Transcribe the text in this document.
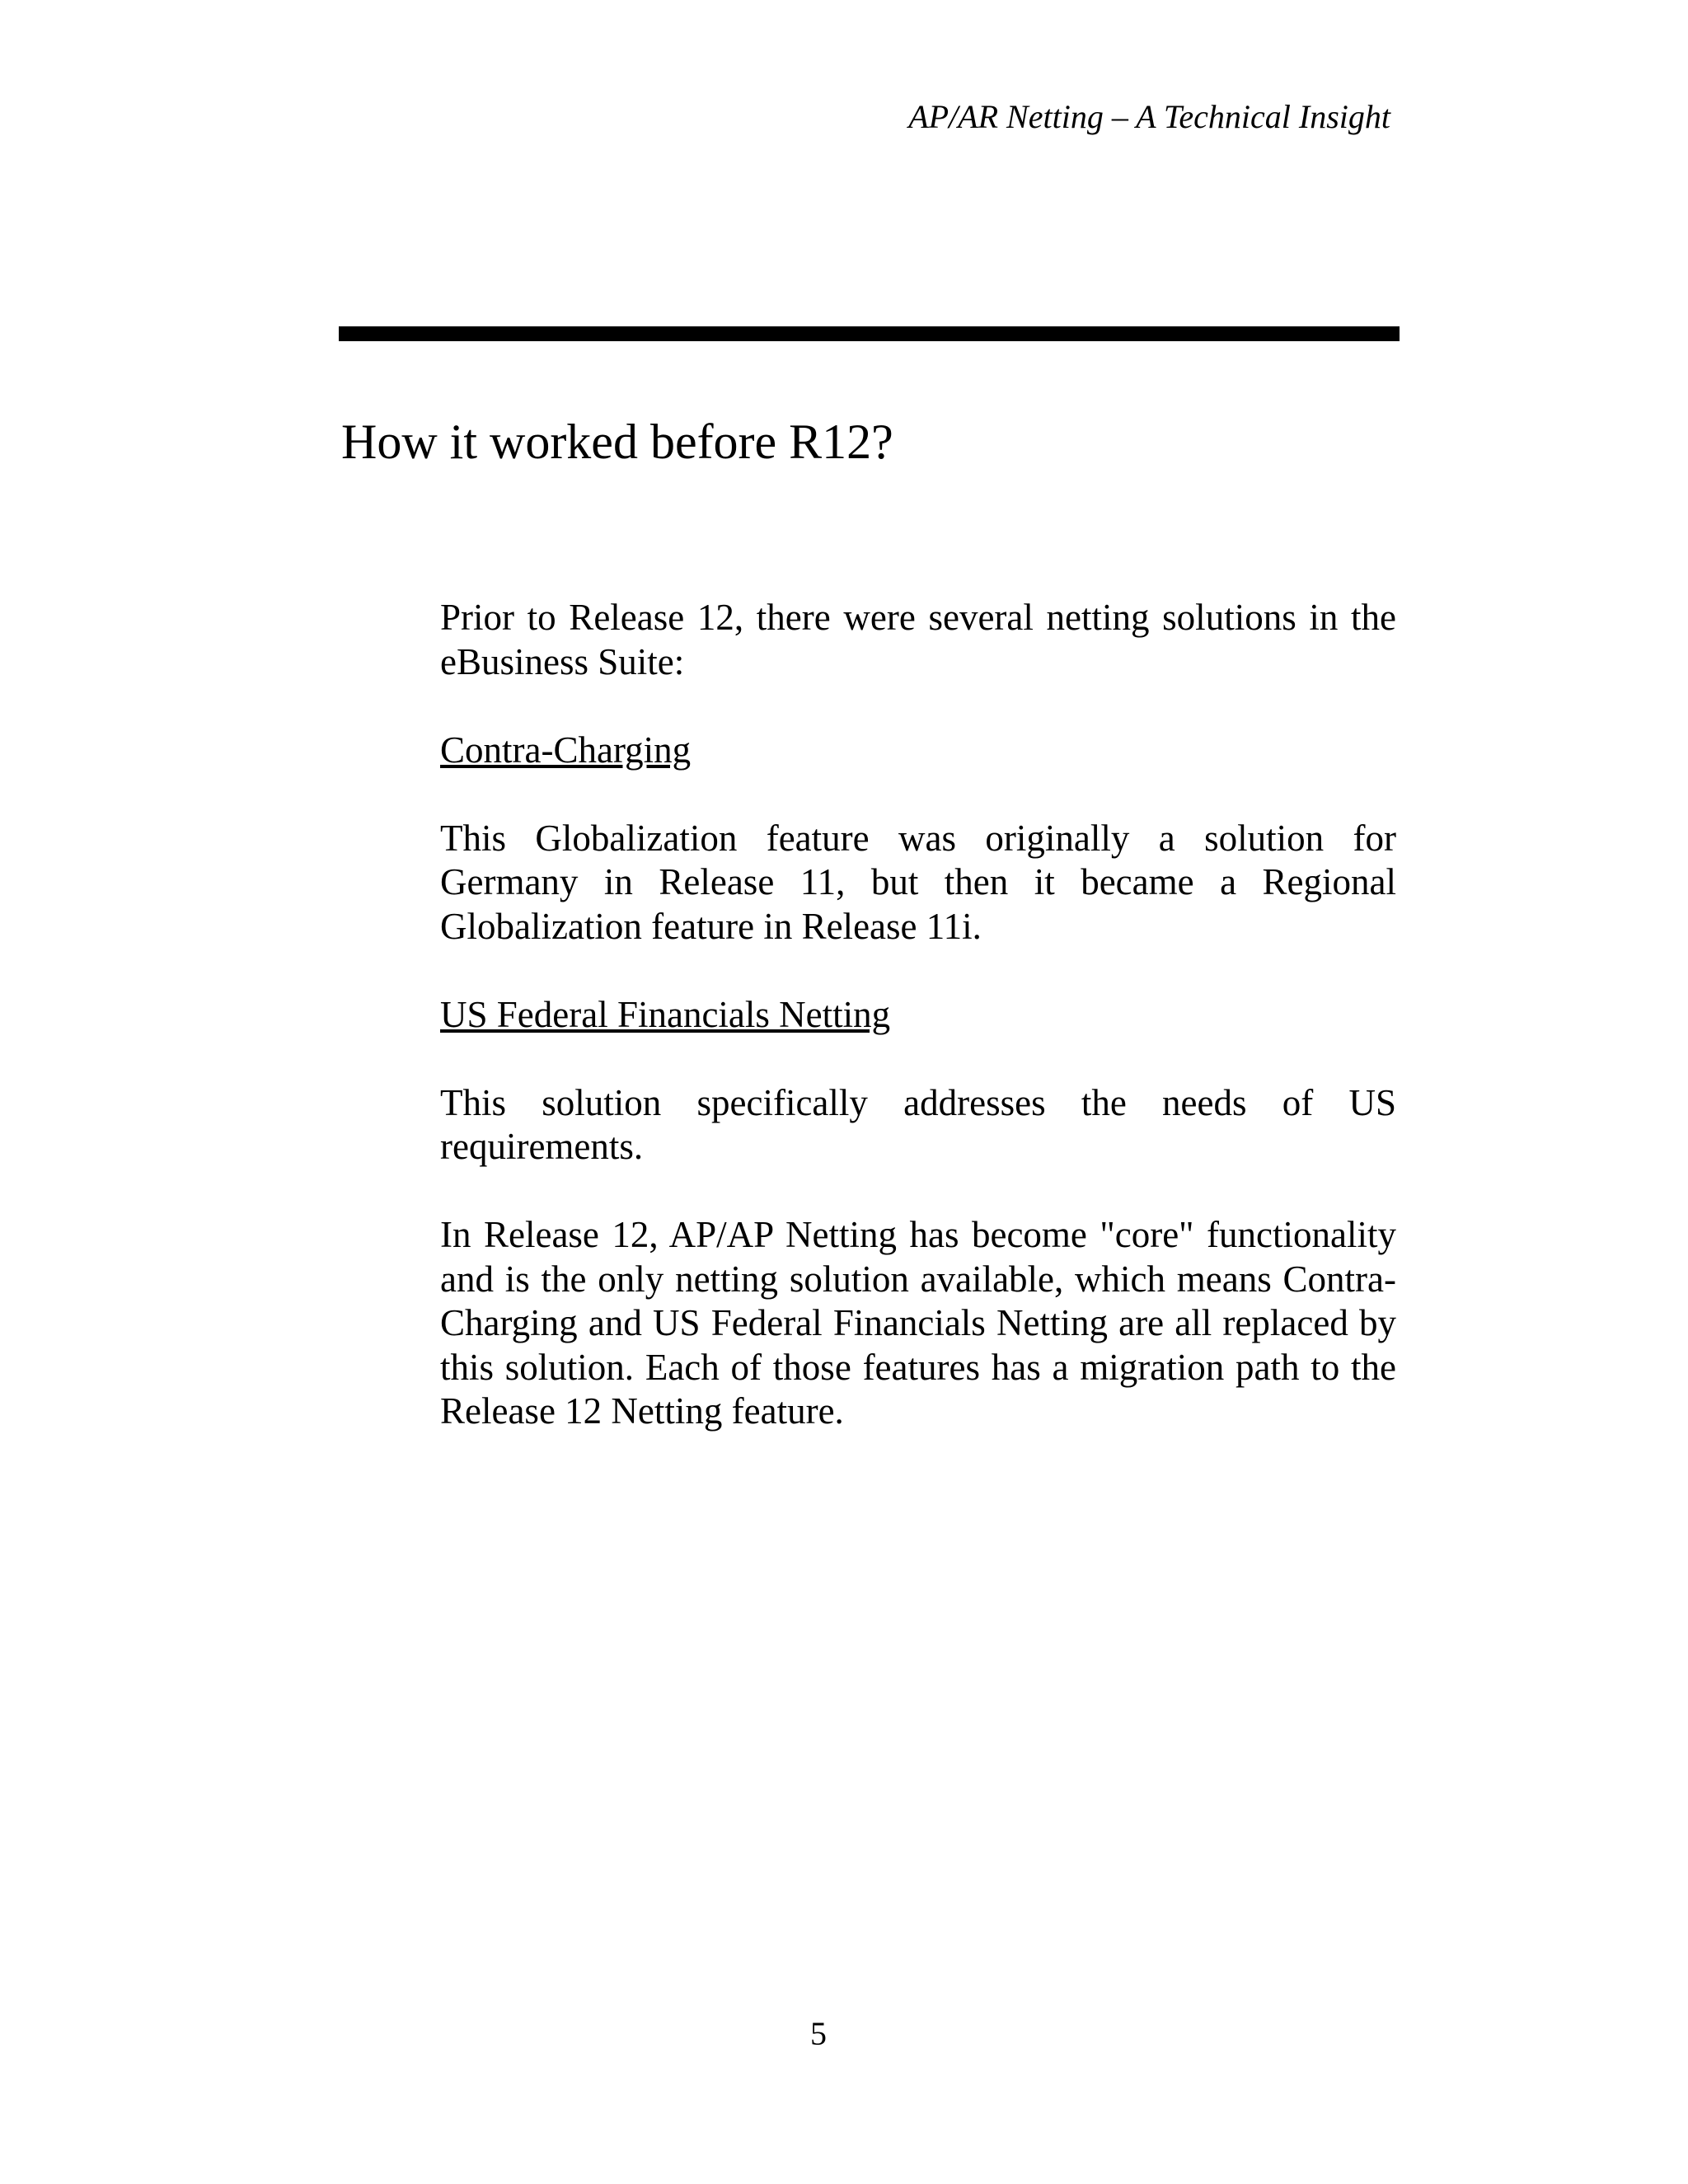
AP/AR Netting – A Technical Insight
How it worked before R12?

Prior to Release 12, there were several netting solutions in the eBusiness Suite:

Contra-Charging

This Globalization feature was originally a solution for Germany in Release 11, but then it became a Regional Globalization feature in Release 11i.

US Federal Financials Netting

This solution specifically addresses the needs of US requirements.

In Release 12, AP/AP Netting has become "core" functionality and is the only netting solution available, which means Contra-Charging and US Federal Financials Netting are all replaced by this solution. Each of those features has a migration path to the Release 12 Netting feature.

5
